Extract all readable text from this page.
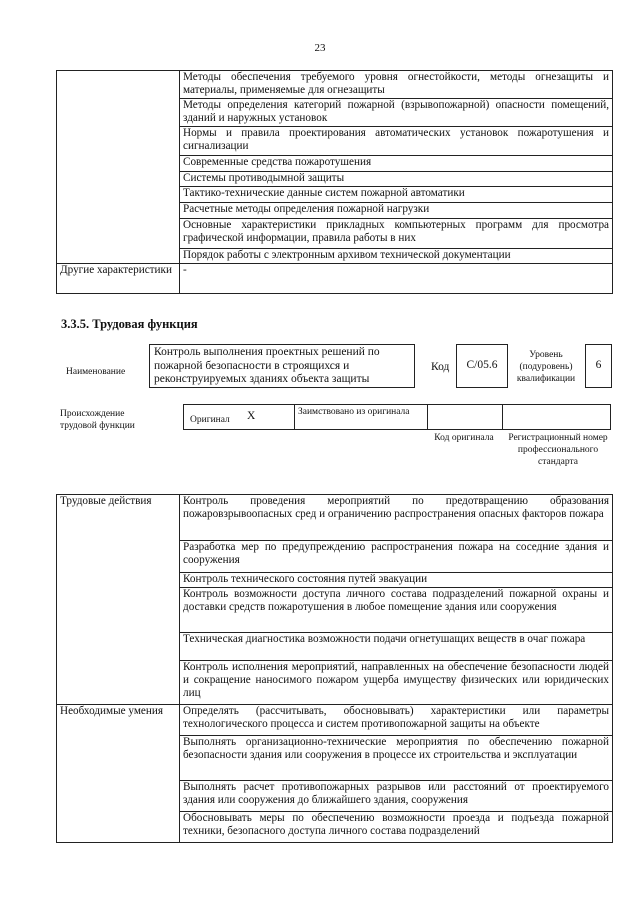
23
	Методы обеспечения требуемого уровня огнестойкости, методы огнезащиты и материалы, применяемые для огнезащиты
	Методы определения категорий пожарной (взрывопожарной) опасности помещений, зданий и наружных установок
	Нормы и правила проектирования автоматических установок пожаротушения и сигнализации
	Современные средства пожаротушения
	Системы противодымной защиты
	Тактико-технические данные систем пожарной автоматики
	Расчетные методы определения пожарной нагрузки
	Основные характеристики прикладных компьютерных программ для просмотра графической информации, правила работы в них
	Порядок работы с электронным архивом технической документации
Другие характеристики	-
3.3.5. Трудовая функция
Наименование
Контроль выполнения проектных решений по пожарной безопасности в строящихся и реконструируемых зданиях объекта защиты
Код	C/05.6
Уровень (подуровень) квалификации
6
Происхождение трудовой функции
Оригинал X	Заимствовано из оригинала
Код оригинала Регистрационный номер профессионального стандарта
Трудовые действия	Контроль проведения мероприятий по предотвращению образования пожаровзрывоопасных сред и ограничению распространения опасных факторов пожара
	Разработка мер по предупреждению распространения пожара на соседние здания и сооружения
	Контроль технического состояния путей эвакуации
	Контроль возможности доступа личного состава подразделений пожарной охраны и доставки средств пожаротушения в любое помещение здания или сооружения
	Техническая диагностика возможности подачи огнетушащих веществ в очаг пожара
	Контроль исполнения мероприятий, направленных на обеспечение безопасности людей и сокращение наносимого пожаром ущерба имуществу физических или юридических лиц
Необходимые умения	Определять (рассчитывать, обосновывать) характеристики или параметры технологического процесса и систем противопожарной защиты на объекте
	Выполнять организационно-технические мероприятия по обеспечению пожарной безопасности здания или сооружения в процессе их строительства и эксплуатации
	Выполнять расчет противопожарных разрывов или расстояний от проектируемого здания или сооружения до ближайшего здания, сооружения
	Обосновывать меры по обеспечению возможности проезда и подъезда пожарной техники, безопасного доступа личного состава подразделений
